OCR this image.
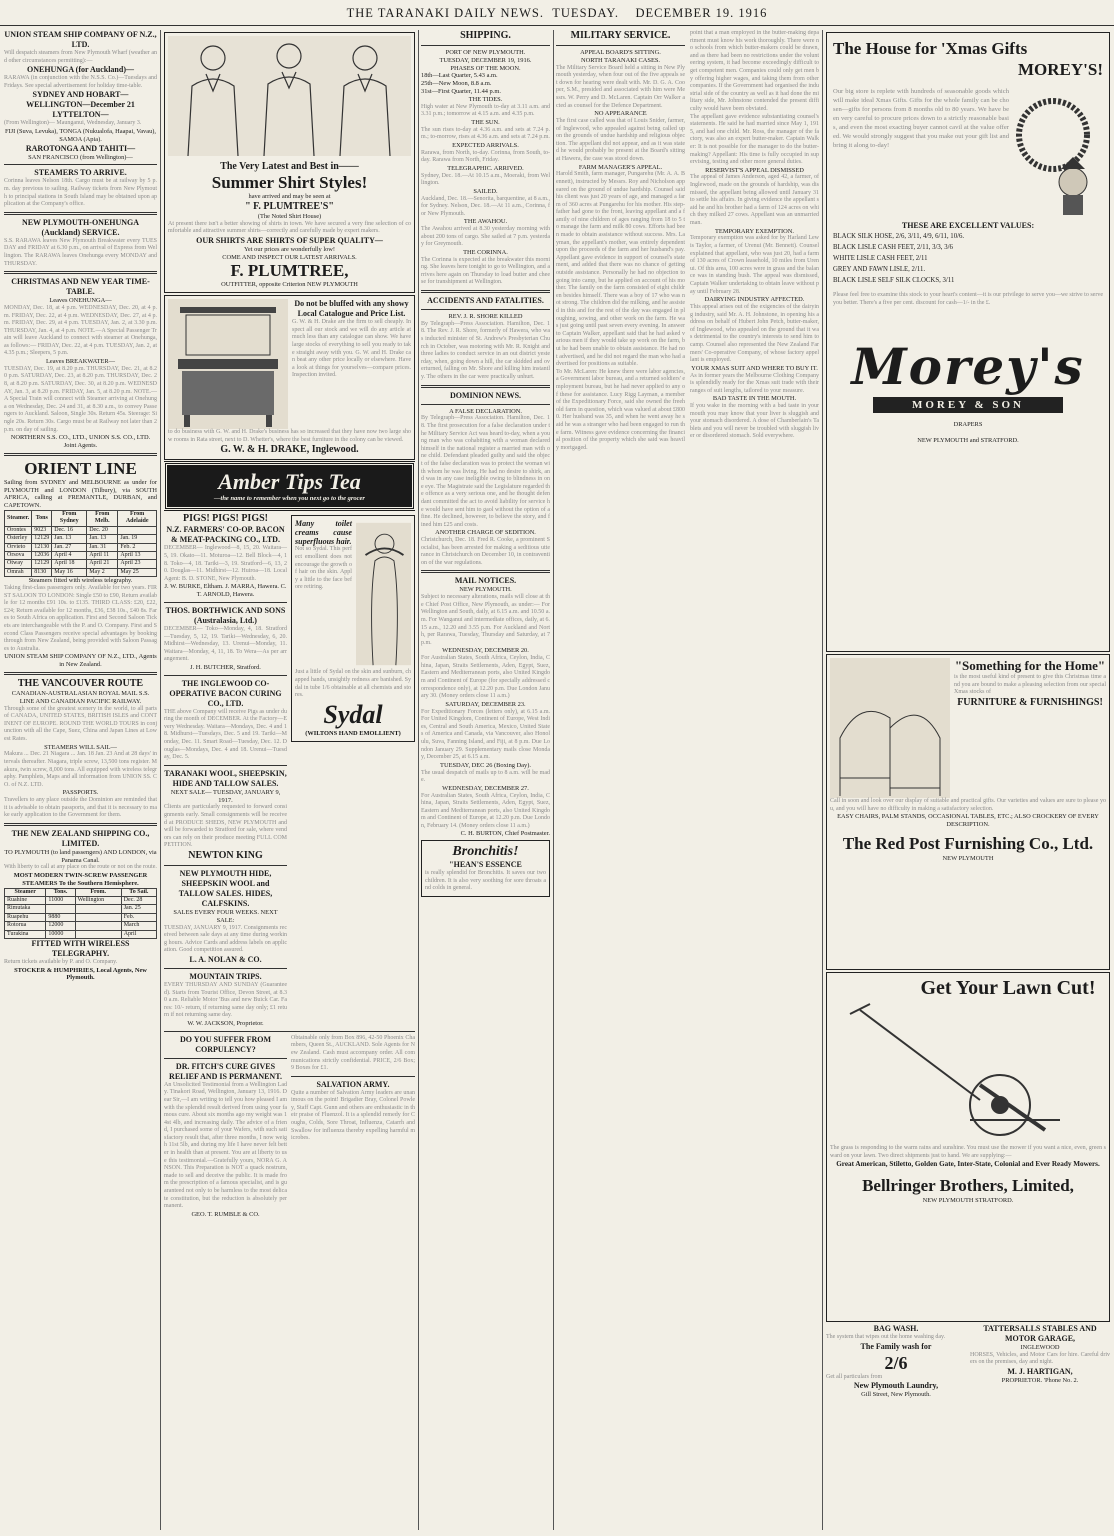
THE TARANAKI DAILY NEWS.
TUESDAY.
DECEMBER 19. 1916
UNION STEAM SHIP COMPANY OF N.Z., LTD.

Will despatch steamers from New Plymouth Wharf (weather and other circumstances permitting):—

ONEHUNGA (for Auckland)—

RARAWA (in conjunction with the N.S.S. Co.)—Tuesdays and Fridays. See special advertisement for holiday time-table.

SYDNEY AND HOBART— WELLINGTON—December 21
LYTTELTON—

(From Wellington)— Maunganui, Wednesday, January 3.

FIJI (Suva, Levuka), TONGA (Nukualofa, Haapai, Vavau), SAMOA (Apia).
RAROTONGA AND TAHITI—
SAN FRANCISCO (from Wellington)—
STEAMERS TO ARRIVE.

Corinna leaves Nelson 18th. Cargo must be at railway by 5 p.m. day previous to sailing. Railway tickets from New Plymouth to principal stations in South Island may be obtained upon application at the Company's office.

NEW PLYMOUTH-ONEHUNGA (Auckland) SERVICE.

S.S. RARAWA leaves New Plymouth Breakwater every TUESDAY and FRIDAY at 6.30 p.m., on arrival of Express from Wellington. The RARAWA leaves Onehunga every MONDAY and THURSDAY.

CHRISTMAS AND NEW YEAR TIME-TABLE.
Leaves ONEHUNGA—

MONDAY, Dec. 18, at 4 p.m. WEDNESDAY, Dec. 20, at 4 p.m. FRIDAY, Dec. 22, at 4 p.m. WEDNESDAY, Dec. 27, at 4 p.m. FRIDAY, Dec. 29, at 4 p.m. TUESDAY, Jan. 2, at 3.30 p.m. THURSDAY, Jan. 4, at 4 p.m. NOTE.—A Special Passenger Train will leave Auckland to connect with steamer at Onehunga, as follows:— FRIDAY, Dec. 22, at 4 p.m. TUESDAY, Jan. 2, at 4.35 p.m.; Sleepers, 5 p.m.

Leaves BREAKWATER—

TUESDAY, Dec. 19, at 8.20 p.m. THURSDAY, Dec. 21, at 8.20 p.m. SATURDAY, Dec. 23, at 8.20 p.m. THURSDAY, Dec. 28, at 8.20 p.m. SATURDAY, Dec. 30, at 8.20 p.m. WEDNESDAY, Jan. 3, at 8.20 p.m. FRIDAY, Jan. 5, at 8.20 p.m. NOTE.—A Special Train will connect with Steamer arriving at Onehunga on Wednesday, Dec. 24 and 31, at 8.30 a.m., to convey Passengers to Auckland. Saloon, Single 30s. Return 45s. Steerage: Single 20s. Return 30s. Cargo must be at Railway not later than 2 p.m. on day of sailing.

NORTHERN S.S. CO., LTD., UNION S.S. CO., LTD. Joint Agents.
ORIENT LINE

Sailing from SYDNEY and MELBOURNE as under for PLYMOUTH and LONDON (Tilbury), via SOUTH AFRICA, calling at FREMANTLE, DURBAN, and CAPETOWN.

Steamer.	Tons	From Sydney	From Melb.	From Adelaide
Orontes	9023	Dec. 16	Dec. 20	
Osterley	12129	Jan. 13	Jan. 13	Jan. 19
Orvieto	12130	Jan. 27	Jan. 31	Feb. 2
Orsova	12036	April 4	April 11	April 13
Otway	12129	April 18	April 21	April 23
Omrah	8130	May 16	May 2	May 25
Steamers fitted with wireless telegraphy.

Taking first-class passengers only. Available for two years. FIRST SALOON TO LONDON: Single £50 to £90, Return available for 12 months £91 10s. to £135. THIRD CLASS: £20, £22, £24; Return available for 12 months, £36, £38 10s., £40 8s. Fares to South Africa on application. First and Second Saloon Tickets are interchangeable with the P. and O. Company. First and Second Class Passengers receive special advantages by booking through from New Zealand, being provided with Saloon Passages to Australia.

UNION STEAM SHIP COMPANY OF N.Z., LTD., Agents in New Zealand.
THE VANCOUVER ROUTE
CANADIAN-AUSTRALASIAN ROYAL MAIL S.S. LINE AND CANADIAN PACIFIC RAILWAY.

Through some of the greatest scenery in the world, to all parts of CANADA, UNITED STATES, BRITISH ISLES and CONTINENT OF EUROPE. ROUND THE WORLD TOURS in conjunction with all the Cape, Suez, China and Japan Lines at Lowest Rates.

STEAMERS WILL SAIL—

Makura ... Dec. 21 Niagara ... Jan. 18 Jan. 23 And at 28 days' intervals thereafter. Niagara, triple screw, 13,500 tons register. Makura, twin screw, 8,000 tons. All equipped with wireless telegraphy. Pamphlets, Maps and all information from UNION SS. CO. of N.Z. LTD.

PASSPORTS.

Travellers to any place outside the Dominion are reminded that it is advisable to obtain passports, and that it is necessary to make early application to the Government for them.

THE NEW ZEALAND SHIPPING CO., LIMITED.
TO PLYMOUTH (to land passengers) AND LONDON, via Panama Canal.

With liberty to call at any place on the route or not on the route.

MOST MODERN TWIN-SCREW PASSENGER STEAMERS To the Southern Hemisphere.
Steamer	Tons.	From.	To Sail.
Ruahine	11000	Wellington	Dec. 28
Rimutaka			Jan. 25
Ruapehu	9880		Feb.
Rotorua	12000		March
Turakina	10000		April
FITTED WITH WIRELESS TELEGRAPHY.

Return tickets available by P. and O. Company.

STOCKER & HUMPHRIES, Local Agents, New Plymouth.
The Very Latest and Best in——
Summer Shirt Styles!
have arrived and may be seen at
" F. PLUMTREE'S"
(The Noted Shirt House)

At present there isn't a better showing of shirts in town. We have secured a very fine selection of comfortable and attractive summer shirts—correctly and carefully made by expert makers.

OUR SHIRTS ARE SHIRTS OF SUPER QUALITY—
Yet our prices are wonderfully low!
COME AND INSPECT OUR LATEST ARRIVALS.
F. PLUMTREE,
OUTFITTER, opposite Criterion NEW PLYMOUTH
Do not be bluffed with any showy Local Catalogue and Price List.

G. W. & H. Drake are the firm to sell cheaply. Inspect all our stock and we will do any article at much less than any catalogue can show. We have large stocks of everything to sell you ready to take straight away with you. G. W. and H. Drake can beat any other price locally or elsewhere. Have a look at things for yourselves—compare prices. Inspection invited.

to do business with G. W. and H. Drake's business has so increased that they have now two large show rooms in Rata street, next to D. Whetter's, where the best furniture in the colony can be viewed.

G. W. & H. DRAKE, Inglewood.
Amber Tips Tea
—the name to remember when you next go to the grocer
PIGS! PIGS! PIGS!
N.Z. FARMERS' CO-OP. BACON & MEAT-PACKING CO., LTD.

DECEMBER— Inglewood—8, 15, 20. Waitara—5, 19. Okato—11. Moturoa—12. Bell Block—4, 18. Toko—4, 18. Tariki—3, 19. Stratford—6, 13, 20. Douglas—11. Midhirst—12. Huiroa—18. Local Agent: B. D. STONE, New Plymouth.

J. W. BURKE, Eltham. J. MARRA, Hawera. C. T. ARNOLD, Hawera.
THOS. BORTHWICK AND SONS (Australasia, Ltd.)

DECEMBER— Toko—Monday, 4, 18. Stratford—Tuesday, 5, 12, 19. Tariki—Wednesday, 6, 20. Midhirst—Wednesday, 13. Urenui—Monday, 11. Waitara—Monday, 4, 11, 18. To Wera—As per arrangement.

J. H. BUTCHER, Stratford.
THE INGLEWOOD CO-OPERATIVE BACON CURING CO., LTD.

THE above Company will receive Pigs as under during the month of DECEMBER. At the Factory—Every Wednesday. Waitara—Mondays, Dec. 4 and 18. Midhurst—Tuesdays, Dec. 5 and 19. Tariki—Monday, Dec. 11. Smart Road—Tuesday, Dec. 12. Douglas—Mondays, Dec. 4 and 18. Urenui—Tuesday, Dec. 5.

TARANAKI WOOL, SHEEPSKIN, HIDE AND TALLOW SALES.
NEXT SALE— TUESDAY, JANUARY 9, 1917.

Clients are particularly requested to forward consignments early. Small consignments will be received at PRODUCE SHEDS, NEW PLYMOUTH and will be forwarded to Stratford for sale, where vendors can rely on their produce meeting FULL COMPETITION.

NEWTON KING
NEW PLYMOUTH HIDE, SHEEPSKIN WOOL and TALLOW SALES. HIDES, CALFSKINS.
SALES EVERY FOUR WEEKS. NEXT SALE:

TUESDAY, JANUARY 9, 1917. Consignments received between sale days at any time during working hours. Advice Cards and address labels on application. Good competition assured.

L. A. NOLAN & CO.
MOUNTAIN TRIPS.

EVERY THURSDAY AND SUNDAY (Guaranteed). Starts from Tourist Office, Devon Street, at 8.30 a.m. Reliable Motor 'Bus and new Buick Car. Fares: 10/- return, if returning same day only; £1 return if not returning same day.

W. W. JACKSON, Proprietor.
Many toilet creams cause superfluous hair.

Not so Sydal. This perfect emollient does not encourage the growth of hair on the skin. Apply a little to the face before retiring.

Just a little of Sydal on the skin and sunburn, chapped hands, unsightly redness are banished. Sydal in tube 1/6 obtainable at all chemists and stores.

Sydal
(WILTONS HAND EMOLLIENT)
DO YOU SUFFER FROM CORPULENCY?
DR. FITCH'S CURE GIVES RELIEF AND IS PERMANENT.

An Unsolicited Testimonial from a Wellington Lady. Tinakori Road, Wellington, January 13, 1916. Dear Sir,—I am writing to tell you how pleased I am with the splendid result derived from using your famous cure. About six months ago my weight was 14st 4lb, and increasing daily. The advice of a friend, I purchased some of your Wafers, with such satisfactory result that, after three months, I now weigh 11st 5lb, and during my life I have never felt better in health than at present. You are at liberty to use this testimonial.—Gratefully yours, NORA G. ANSON. This Preparation is NOT a quack nostrum, made to sell and deceive the public. It is made from the prescription of a famous specialist, and is guaranteed not only to be harmless to the most delicate constitution, but the reduction is absolutely permanent.

GEO. T. RUMBLE & CO.

Obtainable only from Box 896, 42-50 Phoenix Chambers, Queen St., AUCKLAND. Sole Agents for New Zealand. Cash must accompany order. All communications strictly confidential. PRICE, 2/6 Box; 9 Boxes for £1.

SALVATION ARMY.

Quite a number of Salvation Army leaders are unanimous on the point! Brigadier Bray, Colonel Powley, Staff Capt. Gunn and others are enthusiastic in their praise of Fluenzol. It is a splendid remedy for Coughs, Colds, Sore Throat, Influenza, Catarrh and Swallow for influenza thereby expelling harmful microbes.

SHIPPING.
PORT OF NEW PLYMOUTH.
TUESDAY, DECEMBER 19, 1916.
PHASES OF THE MOON.
18th—Last Quarter, 5.43 a.m.
25th—New Moon, 8.8 a.m.
31st—First Quarter, 11.44 p.m.
THE TIDES.

High water at New Plymouth to-day at 3.11 a.m. and 3.31 p.m.; tomorrow at 4.15 a.m. and 4.35 p.m.

THE SUN.

The sun rises to-day at 4.36 a.m. and sets at 7.24 p.m.; to-morrow, rises at 4.36 a.m. and sets at 7.24 p.m.

EXPECTED ARRIVALS.

Rarawa, from North, to-day. Corinna, from South, to-day. Rarawa from North, Friday.

TELEGRAPHIC. ARRIVED.

Sydney, Dec. 18.—At 10.15 a.m., Moeraki, from Wellington.

SAILED.

Auckland, Dec. 18.—Senorita, barquentine, at 8 a.m., for Sydney. Nelson, Dec. 18.—At 11 a.m., Corinna, for New Plymouth.

THE AWAHOU.

The Awahou arrived at 8.30 yesterday morning with about 200 tons of cargo. She sailed at 7 p.m. yesterday for Greymouth.

THE CORINNA.

The Corinna is expected at the breakwater this morning. She leaves here tonight to go to Wellington, and arrives here again on Thursday to load butter and cheese for transhipment at Wellington.

ACCIDENTS AND FATALITIES.
REV. J. R. SHORE KILLED

By Telegraph—Press Association. Hamilton, Dec. 18. The Rev. J. R. Shore, formerly of Hawera, who was inducted minister of St. Andrew's Presbyterian Church in October, was motoring with Mr. R. Knight and three ladies to conduct service in an out district yesterday, when, going down a hill, the car skidded and overturned, falling on Mr. Shore and killing him instantly. The others in the car were practically unhurt.

DOMINION NEWS.
A FALSE DECLARATION.

By Telegraph—Press Association. Hamilton, Dec. 18. The first prosecution for a false declaration under the Military Service Act was heard to-day, when a young man who was cohabiting with a woman declared himself in the national register a married man with one child. Defendant pleaded guilty and said the object of the false declaration was to protect the woman with whom he was living. He had no desire to shirk, and was in any case ineligible owing to blindness in one eye. The Magistrate said the Legislature regarded the offence as a very serious one, and he thought defendant committed the act to avoid liability for service he would have sent him to gaol without the option of a fine. He declined, however, to believe the story, and fined him £25 and costs.

ANOTHER CHARGE OF SEDITION.

Christchurch, Dec. 18. Fred R. Cooke, a prominent Socialist, has been arrested for making a seditious utterance in Christchurch on December 10, in contravention of the war regulations.

MAIL NOTICES.
NEW PLYMOUTH.

Subject to necessary alterations, mails will close at the Chief Post Office, New Plymouth, as under:— For Wellington and South, daily, at 6.15 a.m. and 10.50 a.m. For Wanganui and intermediate offices, daily, at 6.15 a.m., 12.20 and 3.55 p.m. For Auckland and North, per Rarawa, Tuesday, Thursday and Saturday, at 7 p.m.

WEDNESDAY, DECEMBER 20.

For Australian States, South Africa, Ceylon, India, China, Japan, Straits Settlements, Aden, Egypt, Suez, Eastern and Mediterranean ports, also United Kingdom and Continent of Europe (for specially addressed correspondence only), at 12.20 p.m. Due London January 30. (Money orders close 11 a.m.)

SATURDAY, DECEMBER 23.

For Expeditionary Forces (letters only), at 6.15 a.m. For United Kingdom, Continent of Europe, West Indies, Central and South America, Mexico, United States of America and Canada, via Vancouver, also Honolulu, Suva, Fanning Island, and Fiji, at 8 p.m. Due London January 29. Supplementary mails close Monday, December 25, at 6.15 a.m.

TUESDAY, DEC 26 (Boxing Day).

The usual despatch of mails up to 8 a.m. will be made.

WEDNESDAY, DECEMBER 27.

For Australian States, South Africa, Ceylon, India, China, Japan, Straits Settlements, Aden, Egypt, Suez, Eastern and Mediterranean ports, also United Kingdom and Continent of Europe, at 12.20 p.m. Due London, February 14. (Money orders close 11 a.m.)

C. H. BURTON, Chief Postmaster.
Bronchitis!
"HEAN'S ESSENCE

is really splendid for Bronchitis. It saves our two children. It is also very soothing for sore throats and colds in general.

MILITARY SERVICE.
APPEAL BOARD'S SITTING.
NORTH TARANAKI CASES.

The Military Service Board held a sitting in New Plymouth yesterday, when four out of the five appeals set down for hearing were dealt with. Mr. D. G. A. Cooper, S.M., presided and associated with him were Messrs. W. Perry and D. McLaren. Captain Orr Walker acted as counsel for the Defence Department.

NO APPEARANCE

The first case called was that of Louis Snider, farmer, of Inglewood, who appealed against being called up on the grounds of undue hardship and religious objection. The appellant did not appear, and as it was stated he would probably be present at the Board's sitting at Hawera, the case was stood down.

FARM MANAGER'S APPEAL.

Harold Smith, farm manager, Pungarehu (Mr. A. A. Bennett), instructed by Messrs. Roy and Nicholson appeared on the ground of undue hardship. Counsel said his client was just 20 years of age, and managed a farm of 360 acres at Pungarehu for his mother. His step-father had gone to the front, leaving appellant and a family of nine children of ages ranging from 18 to 5 to manage the farm and milk 80 cows. Efforts had been made to obtain assistance without success. Mrs. Layman, the appellant's mother, was entirely dependent upon the proceeds of the farm and her husband's pay. Appellant gave evidence in support of counsel's statement, and added that there was no chance of getting outside assistance. Personally he had no objection to going into camp, but he applied on account of his mother. The family on the farm consisted of eight children besides himself. There was a boy of 17 who was not strong. The children did the milking, and he assisted in this and for the rest of the day was engaged in ploughing, sowing, and other work on the farm. He was just going until past seven every evening. In answer to Captain Walker, appellant said that he had asked various men if they would take up work on the farm, but he had been unable to obtain assistance. He had not advertised, and he did not regard the man who had advertised for positions as suitable.

To Mr. McLaren: He knew there were labor agencies, a Government labor bureau, and a returned soldiers' employment bureau, but he had never applied to any of these for assistance. Lucy Rigg Layman, a member of the Expeditionary Force, said she owned the freehold farm in question, which was valued at about £8000. Her husband was 35, and when he went away he said he was a stranger who had been engaged to run the farm. Witness gave evidence concerning the financial position of the property which she said was heavily mortgaged.

point that a man employed in the butter-making department must know his work thoroughly. There were no schools from which butter-makers could be drawn, and as there had been no restrictions under the volunteering system, it had become exceedingly difficult to get competent men. Companies could only get men by offering higher wages, and taking them from other companies. If the Government had organised the industrial side of the country as well as it had done the military side, Mr. Johnstone contended the present difficulty would have been obviated.

The appellant gave evidence substantiating counsel's statements. He said he had married since May 1, 1915, and had one child. Mr. Ross, the manager of the factory, was also an expert butter-maker. Captain Walker: It is not possible for the manager to do the butter-making? Appellant: His time is fully occupied in supervising, testing and other more general duties.

RESERVIST'S APPEAL DISMISSED

The appeal of James Anderson, aged 42, a farmer, of Inglewood, made on the grounds of hardship, was dismissed, the appellant being allowed until January 31 to settle his affairs. In giving evidence the appellant said he and his brother had a farm of 124 acres on which they milked 27 cows. Appellant was an unmarried man.

TEMPORARY EXEMPTION.

Temporary exemption was asked for by Harland Lewis Taylor, a farmer, of Urenui (Mr. Bennett). Counsel explained that appellant, who was just 20, had a farm of 130 acres of Crown leasehold, 10 miles from Urenui. Of this area, 100 acres were in grass and the balance was in standing bush. The appeal was dismissed, Captain Walker undertaking to obtain leave without pay until February 28.

DAIRYING INDUSTRY AFFECTED.

This appeal arises out of the exigencies of the dairying industry, said Mr. A. H. Johnstone, in opening his address on behalf of Hubert John Petch, butter-maker, of Inglewood, who appealed on the ground that it was detrimental to the country's interests to send him to camp. Counsel also represented the New Zealand Farmers' Co-operative Company, of whose factory appellant is employed.

YOUR XMAS SUIT AND WHERE TO BUY IT.

As in former years the Melbourne Clothing Company is splendidly ready for the Xmas suit trade with their ranges of suit lengths, tailored to your measure.

BAD TASTE IN THE MOUTH.

If you wake in the morning with a bad taste in your mouth you may know that your liver is sluggish and your stomach disordered. A dose of Chamberlain's Tablets and you will never be troubled with sluggish liver or disordered stomach. Sold everywhere.

The House for 'Xmas Gifts
MOREY'S!

Our big store is replete with hundreds of seasonable goods which will make ideal Xmas Gifts. Gifts for the whole family can be chosen—gifts for persons from 8 months old to 80 years. We have been very careful to procure prices down to a strictly reasonable basis, and even the most exacting buyer cannot cavil at the value offered. We would strongly suggest that you make out your gift list and bring it along to-day!

THESE ARE EXCELLENT VALUES:
BLACK SILK HOSE, 2/6, 3/11, 4/9, 6/11, 10/6.
BLACK LISLE CASH FEET, 2/11, 3/3, 3/6
WHITE LISLE CASH FEET, 2/11
GREY AND FAWN LISLE, 2/11.
BLACK LISLE SELF SILK CLOCKS, 3/11

Please feel free to examine this stock to your heart's content—it is our privilege to serve you—we strive to serve you better. There's a five per cent. discount for cash—1/- in the £.

Morey's
MOREY & SON
DRAPERS
NEW PLYMOUTH and STRATFORD.
"Something for the Home"

is the most useful kind of present to give this Christmas time and you are bound to make a pleasing selection from our special Xmas stocks of

FURNITURE & FURNISHINGS!

Call in soon and look over our display of suitable and practical gifts. Our varieties and values are sure to please you, and you will have no difficulty in making a satisfactory selection.

EASY CHAIRS, PALM STANDS, OCCASIONAL TABLES, ETC.; ALSO CROCKERY OF EVERY DESCRIPTION.
The Red Post Furnishing Co., Ltd.
NEW PLYMOUTH
Get Your Lawn Cut!

The grass is responding to the warm rains and sunshine. You must use the mower if you want a nice, even, green sward on your lawn. Two direct shipments just to hand. We are supplying:—

Great American, Stiletto, Golden Gate, Inter-State, Colonial and Ever Ready Mowers.
Bellringer Brothers, Limited,
NEW PLYMOUTH STRATFORD.
BAG WASH.

The system that wipes out the home washing day.

The Family wash for
2/6

Get all particulars from

New Plymouth Laundry,
Gill Street, New Plymouth.
TATTERSALLS STABLES AND MOTOR GARAGE,
INGLEWOOD

HORSES, Vehicles, and Motor Cars for hire. Careful drivers on the premises, day and night.

M. J. HARTIGAN,
PROPRIETOR. 'Phone No. 2.
